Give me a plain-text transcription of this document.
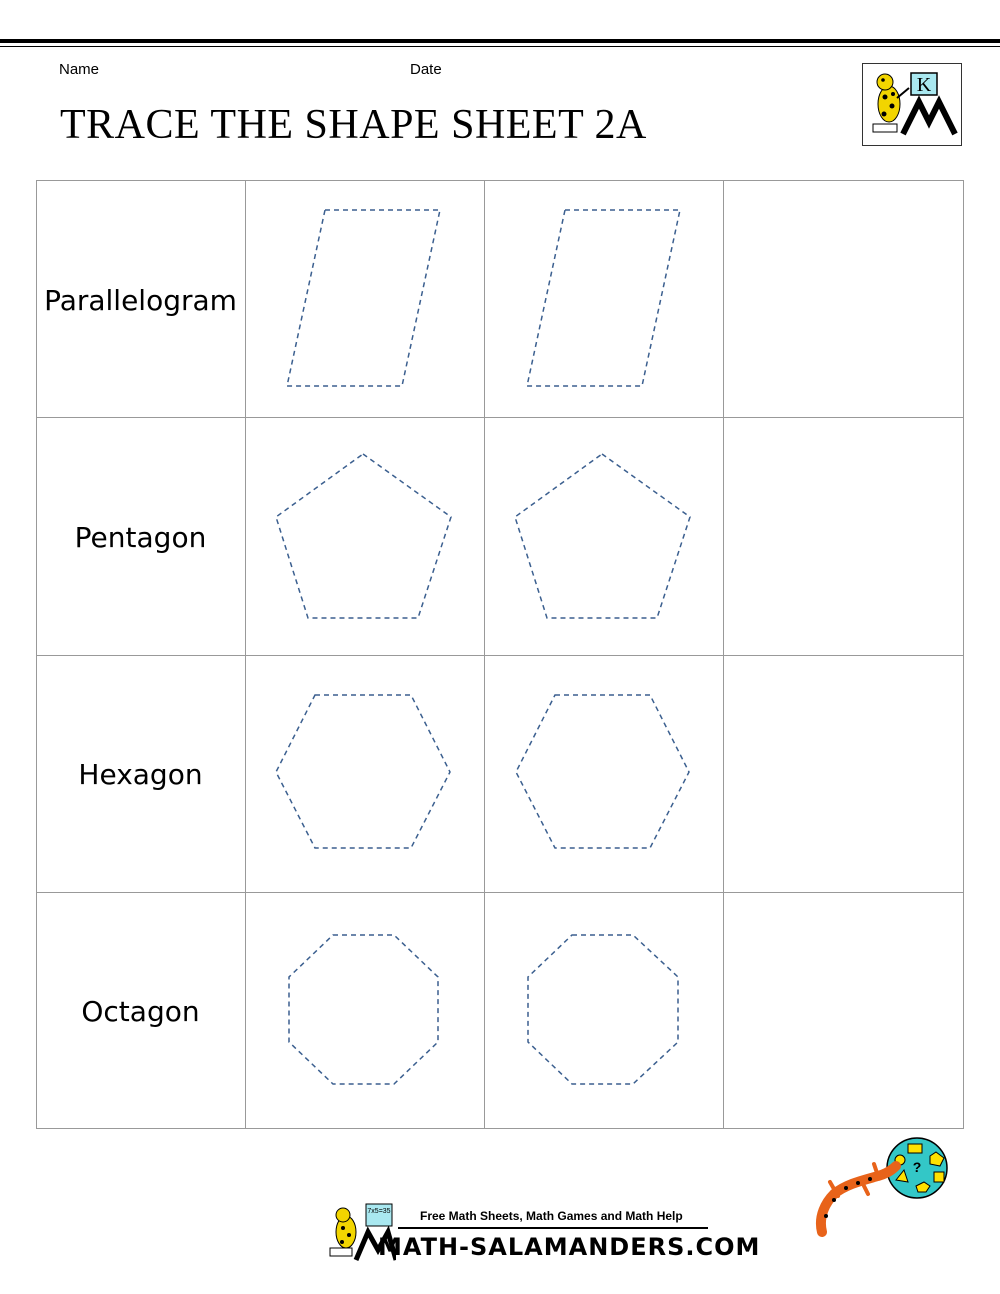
Name	Date
TRACE THE SHAPE SHEET 2A
K
Parallelogram
Pentagon
Hexagon
Octagon
?
7x5=35 Free Math Sheets, Math Games and Math Help
MATH-SALAMANDERS.COM
